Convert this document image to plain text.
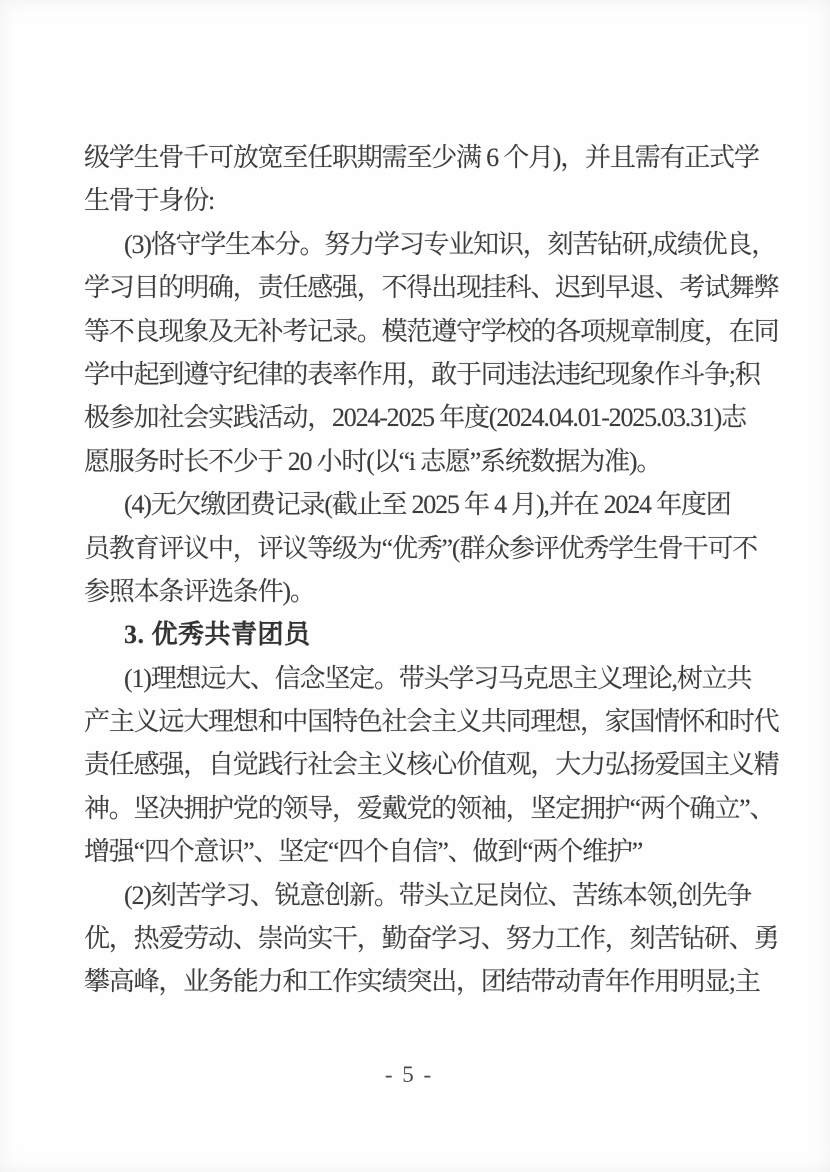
级学生骨千可放宽至任职期需至少满 6 个月)，并且需有正式学
生骨于身份:
(3)恪守学生本分。努力学习专业知识，刻苦钻研,成绩优良，
学习目的明确，责任感强，不得出现挂科、迟到早退、考试舞弊
等不良现象及无补考记录。模范遵守学校的各项规章制度，在同
学中起到遵守纪律的表率作用，敢于同违法违纪现象作斗争;积
极参加社会实践活动，2024-2025 年度(2024.04.01-2025.03.31)志
愿服务时长不少于 20 小时(以“i 志愿”系统数据为准)。
(4)无欠缴团费记录(截止至 2025 年 4 月),并在 2024 年度团
员教育评议中，评议等级为“优秀”(群众参评优秀学生骨干可不
参照本条评选条件)。
3. 优秀共青团员
(1)理想远大、信念坚定。带头学习马克思主义理论,树立共
产主义远大理想和中国特色社会主义共同理想，家国情怀和时代
责任感强，自觉践行社会主义核心价值观，大力弘扬爱国主义精
神。坚决拥护党的领导，爱戴党的领袖，坚定拥护“两个确立”、
增强“四个意识”、坚定“四个自信”、做到“两个维护”
(2)刻苦学习、锐意创新。带头立足岗位、苦练本领,创先争
优，热爱劳动、崇尚实干，勤奋学习、努力工作，刻苦钻研、勇
攀高峰，业务能力和工作实绩突出，团结带动青年作用明显;主
- 5 -
